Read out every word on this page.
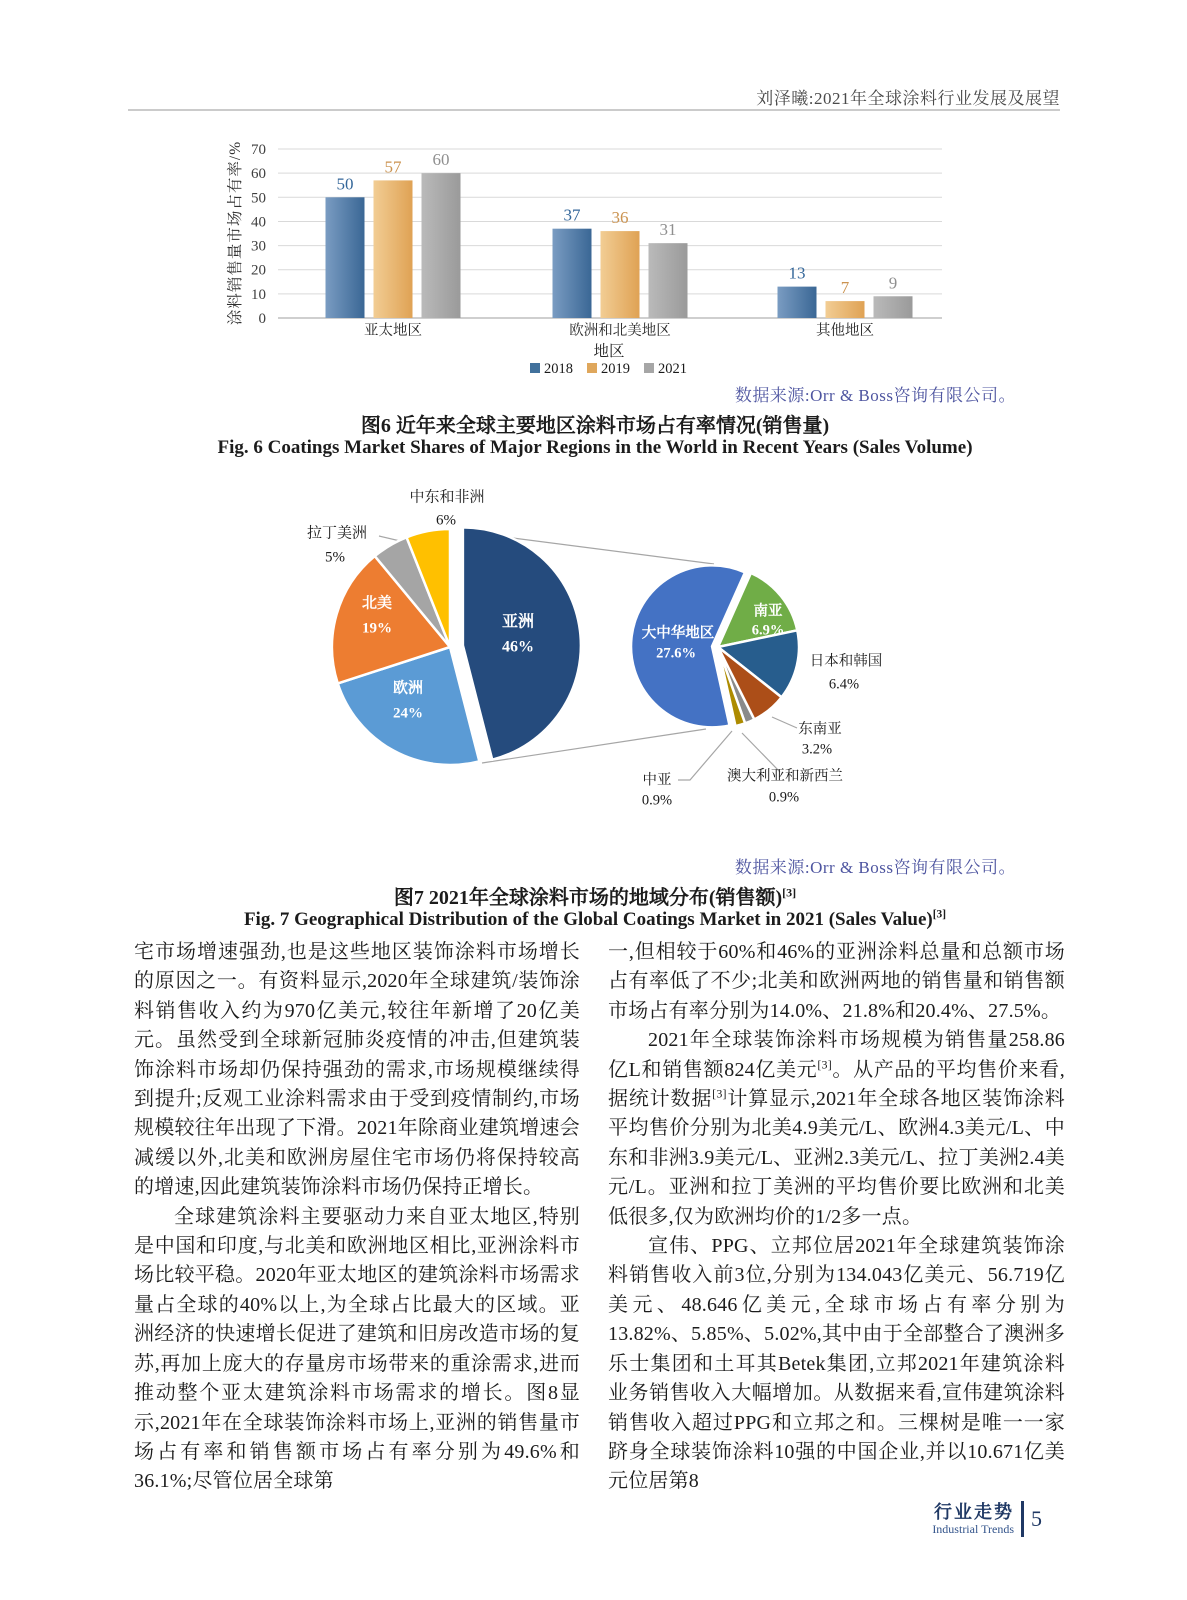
刘泽曦:2021年全球涂料行业发展及展望
0
10
20
30
40
50
60
70
涂料销售量市场占有率/%	50
37
13
57
36
7
60
31
9
亚太地区	欧洲和北美地区	其他地区
地区
2018 2019 2021
数据来源:Orr & Boss咨询有限公司。
图6 近年来全球主要地区涂料市场占有率情况(销售量)
Fig. 6 Coatings Market Shares of Major Regions in the World in Recent Years (Sales Volume)
亚洲
46%
欧洲
24%
北美
19%
拉丁美洲
5%
中东和非洲
6%
南亚
6.9%
日本和韩国
6.4%
东南亚
3.2%
澳大利亚和新西兰
0.9%
中亚
0.9%
大中华地区
27.6%
数据来源:Orr & Boss咨询有限公司。
图7 2021年全球涂料市场的地域分布(销售额)[3]
Fig. 7 Geographical Distribution of the Global Coatings Market in 2021 (Sales Value)[3]

宅市场增速强劲,也是这些地区装饰涂料市场增长的原因之一。有资料显示,2020年全球建筑/装饰涂料销售收入约为970亿美元,较往年新增了20亿美元。虽然受到全球新冠肺炎疫情的冲击,但建筑装饰涂料市场却仍保持强劲的需求,市场规模继续得到提升;反观工业涂料需求由于受到疫情制约,市场规模较往年出现了下滑。2021年除商业建筑增速会减缓以外,北美和欧洲房屋住宅市场仍将保持较高的增速,因此建筑装饰涂料市场仍保持正增长。

全球建筑涂料主要驱动力来自亚太地区,特别是中国和印度,与北美和欧洲地区相比,亚洲涂料市场比较平稳。2020年亚太地区的建筑涂料市场需求量占全球的40%以上,为全球占比最大的区域。亚洲经济的快速增长促进了建筑和旧房改造市场的复苏,再加上庞大的存量房市场带来的重涂需求,进而推动整个亚太建筑涂料市场需求的增长。图8显示,2021年在全球装饰涂料市场上,亚洲的销售量市场占有率和销售额市场占有率分别为49.6%和36.1%;尽管位居全球第

一,但相较于60%和46%的亚洲涂料总量和总额市场占有率低了不少;北美和欧洲两地的销售量和销售额市场占有率分别为14.0%、21.8%和20.4%、27.5%。

2021年全球装饰涂料市场规模为销售量258.86亿L和销售额824亿美元[3]。从产品的平均售价来看,据统计数据[3]计算显示,2021年全球各地区装饰涂料平均售价分别为北美4.9美元/L、欧洲4.3美元/L、中东和非洲3.9美元/L、亚洲2.3美元/L、拉丁美洲2.4美元/L。亚洲和拉丁美洲的平均售价要比欧洲和北美低很多,仅为欧洲均价的1/2多一点。

宣伟、PPG、立邦位居2021年全球建筑装饰涂料销售收入前3位,分别为134.043亿美元、56.719亿美元、48.646亿美元,全球市场占有率分别为13.82%、5.85%、5.02%,其中由于全部整合了澳洲多乐士集团和土耳其Betek集团,立邦2021年建筑涂料业务销售收入大幅增加。从数据来看,宣伟建筑涂料销售收入超过PPG和立邦之和。三棵树是唯一一家跻身全球装饰涂料10强的中国企业,并以10.671亿美元位居第8

行业走势
Industrial Trends 5
